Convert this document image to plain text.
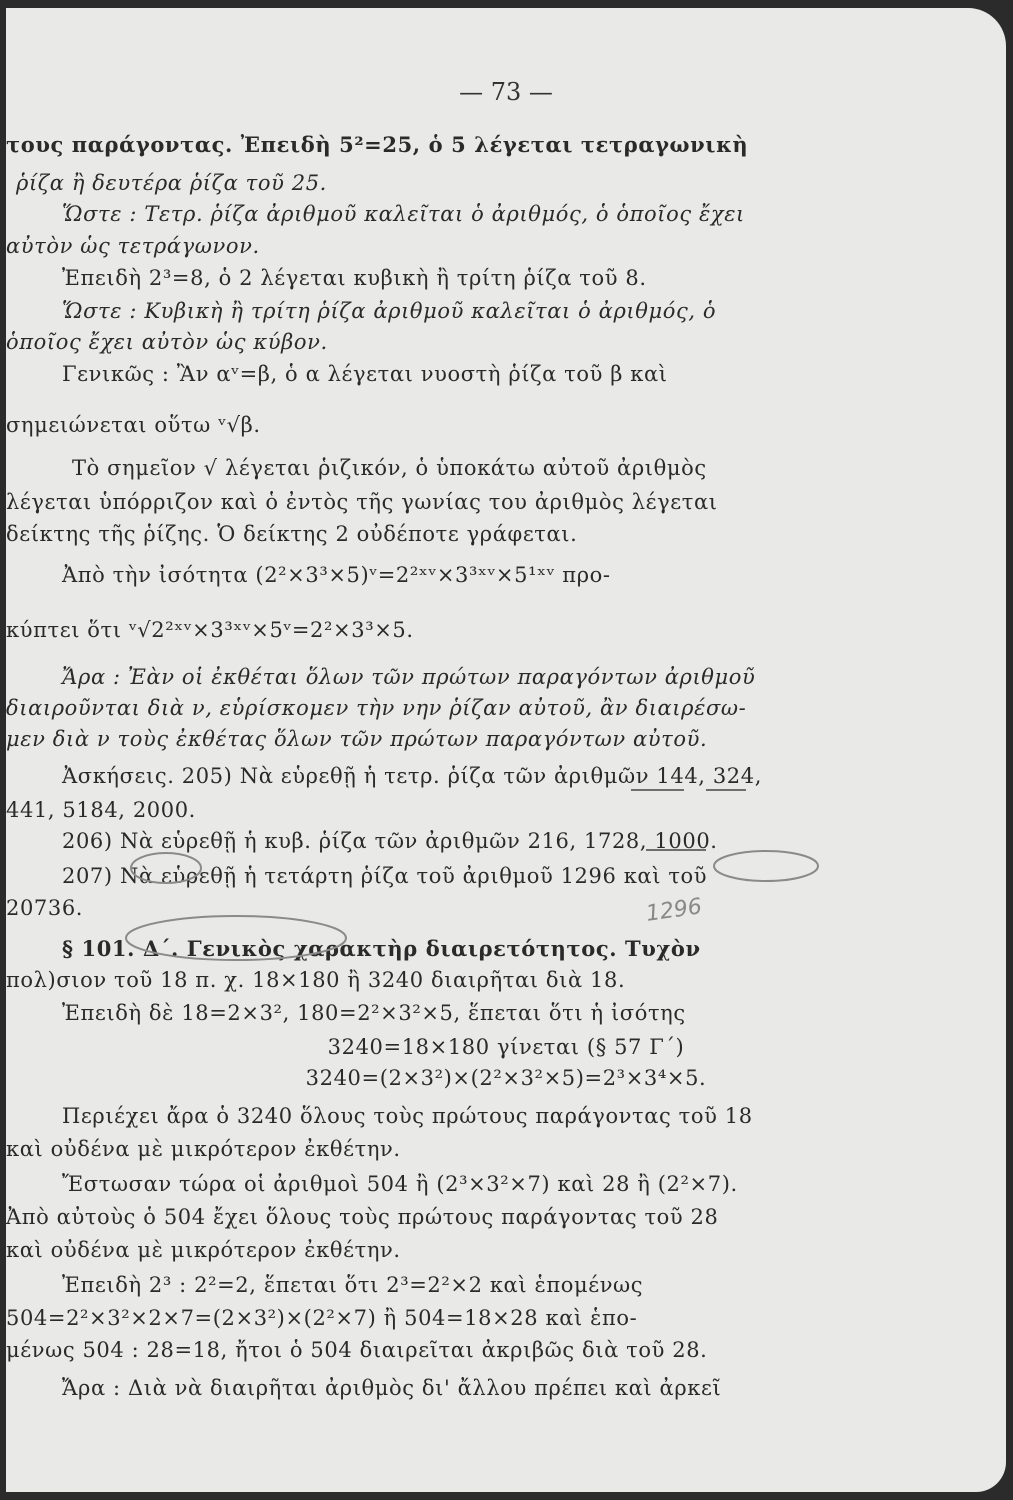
— 73 —
τους παράγοντας. Ἐπειδὴ 5²=25, ὁ 5 λέγεται τετραγωνικὴ
ῥίζα ἢ δευτέρα ῥίζα τοῦ 25.
Ὥστε : Τετρ. ῥίζα ἀριθμοῦ καλεῖται ὁ ἀριθμός, ὁ ὁποῖος ἔχει
αὐτὸν ὡς τετράγωνον.
Ἐπειδὴ 2³=8, ὁ 2 λέγεται κυβικὴ ἢ τρίτη ῥίζα τοῦ 8.
Ὥστε : Κυβικὴ ἢ τρίτη ῥίζα ἀριθμοῦ καλεῖται ὁ ἀριθμός, ὁ
ὁποῖος ἔχει αὐτὸν ὡς κύβον.
Γενικῶς : Ἂν αᵛ=β, ὁ α λέγεται νυοστὴ ῥίζα τοῦ β καὶ
σημειώνεται οὕτω ᵛ√β.
Τὸ σημεῖον √ λέγεται ῥιζικόν, ὁ ὑποκάτω αὐτοῦ ἀριθμὸς
λέγεται ὑπόρριζον καὶ ὁ ἐντὸς τῆς γωνίας του ἀριθμὸς λέγεται
δείκτης τῆς ῥίζης. Ὁ δείκτης 2 οὐδέποτε γράφεται.
Ἀπὸ τὴν ἰσότητα (2²×3³×5)ᵛ=2²ˣᵛ×3³ˣᵛ×5¹ˣᵛ προ-
κύπτει ὅτι ᵛ√2²ˣᵛ×3³ˣᵛ×5ᵛ=2²×3³×5.
Ἄρα : Ἐὰν οἱ ἐκθέται ὅλων τῶν πρώτων παραγόντων ἀριθμοῦ
διαιροῦνται διὰ ν, εὑρίσκομεν τὴν νην ῥίζαν αὐτοῦ, ἂν διαιρέσω-
μεν διὰ ν τοὺς ἐκθέτας ὅλων τῶν πρώτων παραγόντων αὐτοῦ.
Ἀσκήσεις. 205) Νὰ εὑρεθῇ ἡ τετρ. ῥίζα τῶν ἀριθμῶν 144, 324,
441, 5184, 2000.
206) Νὰ εὑρεθῇ ἡ κυβ. ῥίζα τῶν ἀριθμῶν 216, 1728, 1000.
207) Νὰ εὑρεθῇ ἡ τετάρτη ῥίζα τοῦ ἀριθμοῦ 1296 καὶ τοῦ
20736.
§ 101. Δ΄. Γενικὸς χαρακτὴρ διαιρετότητος. Τυχὸν
πολ)σιον τοῦ 18 π. χ. 18×180 ἢ 3240 διαιρῆται διὰ 18.
Ἐπειδὴ δὲ 18=2×3², 180=2²×3²×5, ἕπεται ὅτι ἡ ἰσότης
3240=18×180 γίνεται (§ 57 Γ΄)
3240=(2×3²)×(2²×3²×5)=2³×3⁴×5.
Περιέχει ἄρα ὁ 3240 ὅλους τοὺς πρώτους παράγοντας τοῦ 18
καὶ οὐδένα μὲ μικρότερον ἐκθέτην.
Ἔστωσαν τώρα οἱ ἀριθμοὶ 504 ἢ (2³×3²×7) καὶ 28 ἢ (2²×7).
Ἀπὸ αὐτοὺς ὁ 504 ἔχει ὅλους τοὺς πρώτους παράγοντας τοῦ 28
καὶ οὐδένα μὲ μικρότερον ἐκθέτην.
Ἐπειδὴ 2³ : 2²=2, ἕπεται ὅτι 2³=2²×2 καὶ ἑπομένως
504=2²×3²×2×7=(2×3²)×(2²×7) ἢ 504=18×28 καὶ ἑπο-
μένως 504 : 28=18, ἤτοι ὁ 504 διαιρεῖται ἀκριβῶς διὰ τοῦ 28.
Ἄρα : Διὰ νὰ διαιρῆται ἀριθμὸς δι' ἄλλου πρέπει καὶ ἀρκεῖ
1296
